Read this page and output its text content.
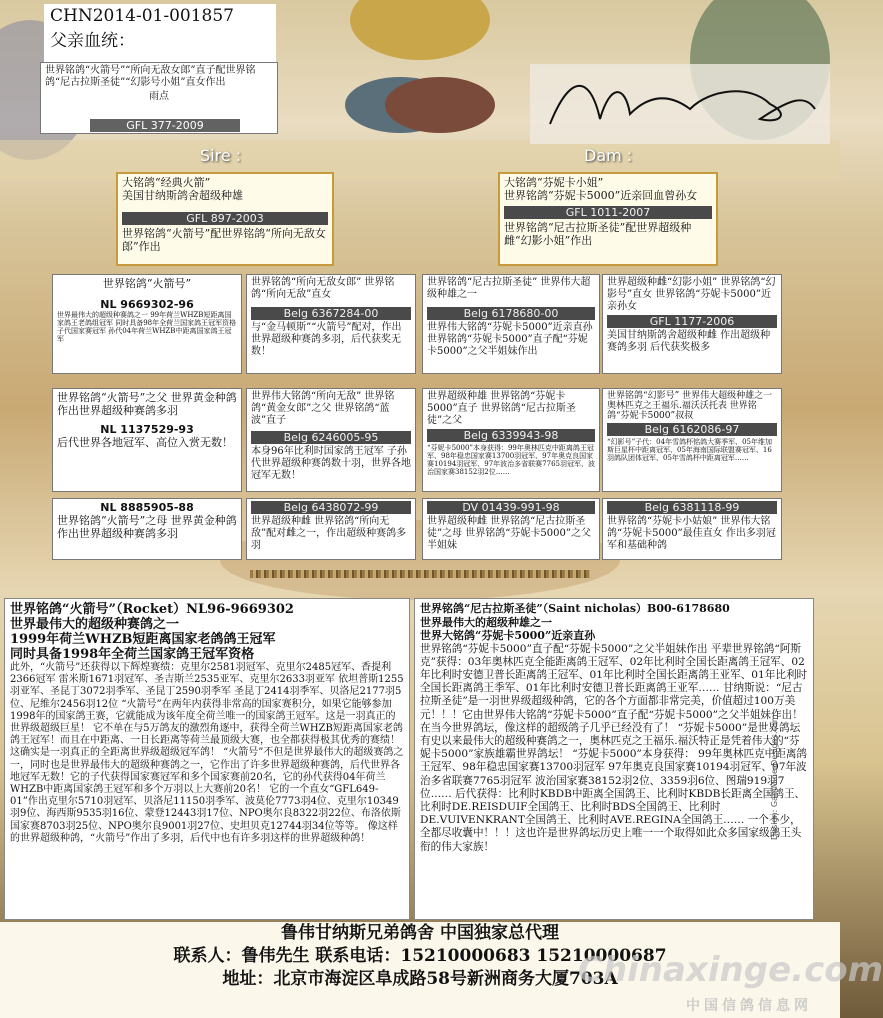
CHN2014-01-001857
父亲血统：
世界铭鸽“火箭号”“所向无敌女郎”直子配世界铭鸽“尼古拉斯圣徒”“幻影号小姐”直女作出
雨点
GFL 377-2009
Sire :	Dam :
大铭鸽“经典火箭”
美国甘纳斯鸽舍超级种雄
GFL 897-2003
世界铭鸽“火箭号”配世界铭鸽“所向无敌女郎”作出
大铭鸽“芬妮卡小姐”
世界铭鸽“芬妮卡5000”近亲回血曾孙女
GFL 1011-2007
世界铭鸽“尼古拉斯圣徒”配世界超级种雌“幻影小姐”作出
世界铭鸽“火箭号”
NL 9669302-96
世界最伟大的超级种赛鸽之一 99年荷兰WHZB短距离国家鸽王老鸽组冠军 同时具备98年全荷兰国家鸽王冠军资格 子代国家赛冠军 孙代04年荷兰WHZB中距离国家鸽王冠军
世界铭鸽“所向无敌女郎” 世界铭鸽“所向无敌”直女
Belg 6367284-00
与“金马顿斯”“火箭号”配对，作出世界超级种赛鸽多羽，后代获奖无数！
世界铭鸽“尼古拉斯圣徒” 世界伟大超级种雄之一
Belg 6178680-00
世界伟大铭鸽“芬妮卡5000”近亲直孙 世界铭鸽“芬妮卡5000”直子配“芬妮卡5000”之父半姐妹作出
世界超级种雌“幻影小姐” 世界铭鸽“幻影号”直女 世界铭鸽“芬妮卡5000”近亲孙女
GFL 1177-2006
美国甘纳斯鸽舍超级种雌 作出超级种赛鸽多羽 后代获奖极多
世界铭鸽“火箭号”之父 世界黄金种鸽 作出世界超级种赛鸽多羽
NL 1137529-93
后代世界各地冠军、高位入赏无数！
世界伟大铭鸽“所向无敌” 世界铭鸽“黄金女郎”之父 世界铭鸽“蓝波”直子
Belg 6246005-95
本身96年比利时国家鸽王冠军 子孙代世界超级种赛鸽数十羽，世界各地冠军无数！
世界超级种雄 世界铭鸽“芬妮卡5000”直子 世界铭鸽“尼古拉斯圣徒”之父
Belg 6339943-98
“芬妮卡5000”本身获得：99年奥林匹克中距离鸽王冠军、98年稳忠国家赛13700羽冠军、97年奥克良国家赛10194羽冠军、97年波治多省联赛7765羽冠军、波治国家赛38152羽2位……
世界铭鸽“幻影号” 世界伟大超级种雄之一 奥林匹克之王福乐.福沃沃托表 世界铭鸽“芬妮卡5000”叔叔
Belg 6162086-97
“幻影号”子代：04年雪鸽杯铭鸽大赛季军、05年维加斯巨星杯中距离冠军、05年海南国际联盟赛冠军、16羽鸽队团体冠军、05年雪鸽杯中距离冠军……
NL 8885905-88
世界铭鸽“火箭号”之母 世界黄金种鸽 作出世界超级种赛鸽多羽
Belg 6438072-99
世界超级种雌 世界铭鸽“所向无敌”配对雌之一，作出超级种赛鸽多羽
DV 01439-991-98
世界超级种雌 世界铭鸽“尼古拉斯圣徒”之母 世界铭鸽“芬妮卡5000”之父半姐妹
Belg 6381118-99
世界铭鸽“芬妮卡小姑娘” 世界伟大铭鸽“芬妮卡5000”最佳直女 作出多羽冠军和基础种鸽
世界铭鸽“火箭号”（Rocket）NL96-9669302
世界最伟大的超级种赛鸽之一
1999年荷兰WHZB短距离国家老鸽鸽王冠军
同时具备1998年全荷兰国家鸽王冠军资格
此外，“火箭号”还获得以下辉煌赛绩：克里尔2581羽冠军、克里尔2485冠军、香提利2366冠军 雷米斯1671羽冠军、圣吉斯兰2535亚军、克里尔2633羽亚军 依坦普斯1255羽亚军、圣昆丁3072羽季军、圣昆丁2590羽季军 圣昆丁2414羽季军、贝洛尼2177羽5位、尼维尔2456羽12位 “火箭号”在两年内获得非常高的国家赛积分，如果它能够参加1998年的国家鸽王赛，它就能成为该年度全荷兰唯一的国家鸽王冠军。这是一羽真正的世界级超级巨星！ 它不单在与5万鸽友的激烈角逐中，获得全荷兰WHZB短距离国家老鸽鸽王冠军！而且在中距离、一日长距离等荷兰最顶级大赛，也全都获得极其优秀的赛绩！这确实是一羽真正的全距离世界级超级冠军鸽！ “火箭号”不但是世界最伟大的超级赛鸽之一，同时也是世界最伟大的超级种赛鸽之一，它作出了许多世界超级种赛鸽，后代世界各地冠军无数！它的子代获得国家赛冠军和多个国家赛前20名，它的孙代获得04年荷兰WHZB中距离国家鸽王冠军和多个万羽以上大赛前20名！ 它的一个直女“GFL649-01”作出克里尔5710羽冠军、贝洛尼11150羽季军、波莫伦7773羽4位、克里尔10349羽9位、海西斯9535羽16位、蒙登12443羽17位、NPO奥尔良8322羽22位、布洛依斯国家赛8703羽25位、NPO奥尔良9001羽27位、史坦贝克12744羽34位等等。 像这样的世界超级种鸽，“火箭号”作出了多羽，后代中也有许多羽这样的世界超级种鸽！
世界铭鸽“尼古拉斯圣徒”（Saint nicholas）B00-6178680
世界最伟大的超级种雄之一
世界大铭鸽“芬妮卡5000”近亲直孙
世界铭鸽“芬妮卡5000”直子配“芬妮卡5000”之父半姐妹作出 平辈世界铭鸽“阿斯克”获得：03年奥林匹克全能距离鸽王冠军、02年比利时全国长距离鸽王冠军、02年比利时安德卫普长距离鸽王冠军、01年比利时全国长距离鸽王亚军、01年比利时全国长距离鸽王季军、01年比利时安德卫普长距离鸽王亚军…… 甘纳斯说：“尼古拉斯圣徒”是一羽世界级超级种鸽，它的各个方面都非常完美，价值超过100万美元！！！它由世界伟大铭鸽“芬妮卡5000”直子配“芬妮卡5000”之父半姐妹作出！在当今世界鸽坛，像这样的超级鸽子几乎已经没有了！ “芬妮卡5000”是世界鸽坛有史以来最伟大的超级种赛鸽之一，奥林匹克之王福乐.福沃特正是凭着伟大的“芬妮卡5000”家族雄霸世界鸽坛！ “芬妮卡5000”本身获得： 99年奥林匹克中距离鸽王冠军、98年稳忠国家赛13700羽冠军 97年奥克良国家赛10194羽冠军、97年波治多省联赛7765羽冠军 波治国家赛38152羽2位、3359羽6位、图瑞919羽7位…… 后代获得：比利时KBDB中距离全国鸽王、比利时KBDB长距离全国鸽王、比利时DE.REISDUIF全国鸽王、比利时BDS全国鸽王、比利时DE.VUIVENKRANT全国鸽王、比利时AVE.REGINA全国鸽王…… 一个不少，全都尽收囊中！！！这也许是世界鸽坛历史上唯一一个取得如此众多国家级鸽王头衔的伟大家族！
Design: GamMinerDesigns.com
鲁伟甘纳斯兄弟鸽舍 中国独家总代理
联系人：鲁伟先生 联系电话：15210000683 15210000687
地址：北京市海淀区阜成路58号新洲商务大厦703A
Chinaxinge.com
中国信鸽信息网
